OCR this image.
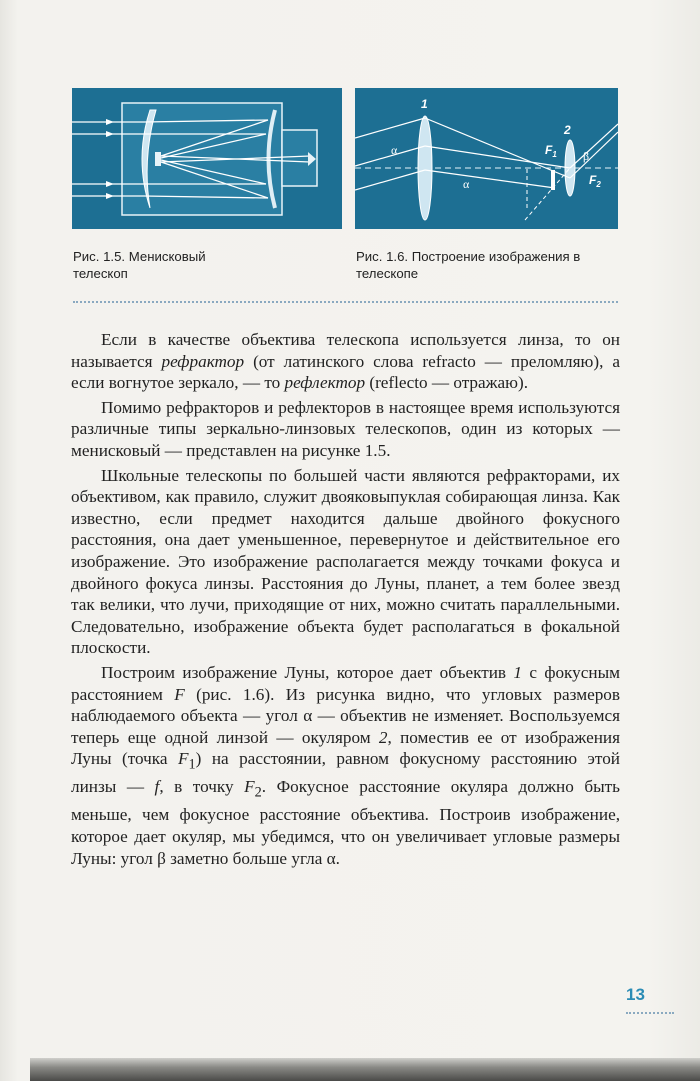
1
2
α
α
$F_1$ β
$F_2$
Рис. 1.5. Менисковый
телескоп
Рис. 1.6. Построение изображения в
телескопе

Если в качестве объектива телескопа используется линза, то он называется рефрактор (от латинского слова refracto — преломляю), а если вогнутое зеркало, — то рефлектор (reflecto — отражаю).

Помимо рефракторов и рефлекторов в настоящее время используются различные типы зеркально-линзовых телескопов, один из которых — менисковый — представлен на рисунке 1.5.

Школьные телескопы по большей части являются рефракторами, их объективом, как правило, служит двояковыпуклая собирающая линза. Как известно, если предмет находится дальше двойного фокусного расстояния, она дает уменьшенное, перевернутое и действительное его изображение. Это изображение располагается между точками фокуса и двойного фокуса линзы. Расстояния до Луны, планет, а тем более звезд так велики, что лучи, приходящие от них, можно считать параллельными. Следовательно, изображение объекта будет располагаться в фокальной плоскости.

Построим изображение Луны, которое дает объектив 1 с фокусным расстоянием F (рис. 1.6). Из рисунка видно, что угловых размеров наблюдаемого объекта — угол α — объектив не изменяет. Воспользуемся теперь еще одной линзой — окуляром 2, поместив ее от изображения Луны (точка $F_1$) на расстоянии, равном фокусному расстоянию этой линзы — f, в точку $F_2$. Фокусное расстояние окуляра должно быть меньше, чем фокусное расстояние объектива. Построив изображение, которое дает окуляр, мы убедимся, что он увеличивает угловые размеры Луны: угол β заметно больше угла α.

13
